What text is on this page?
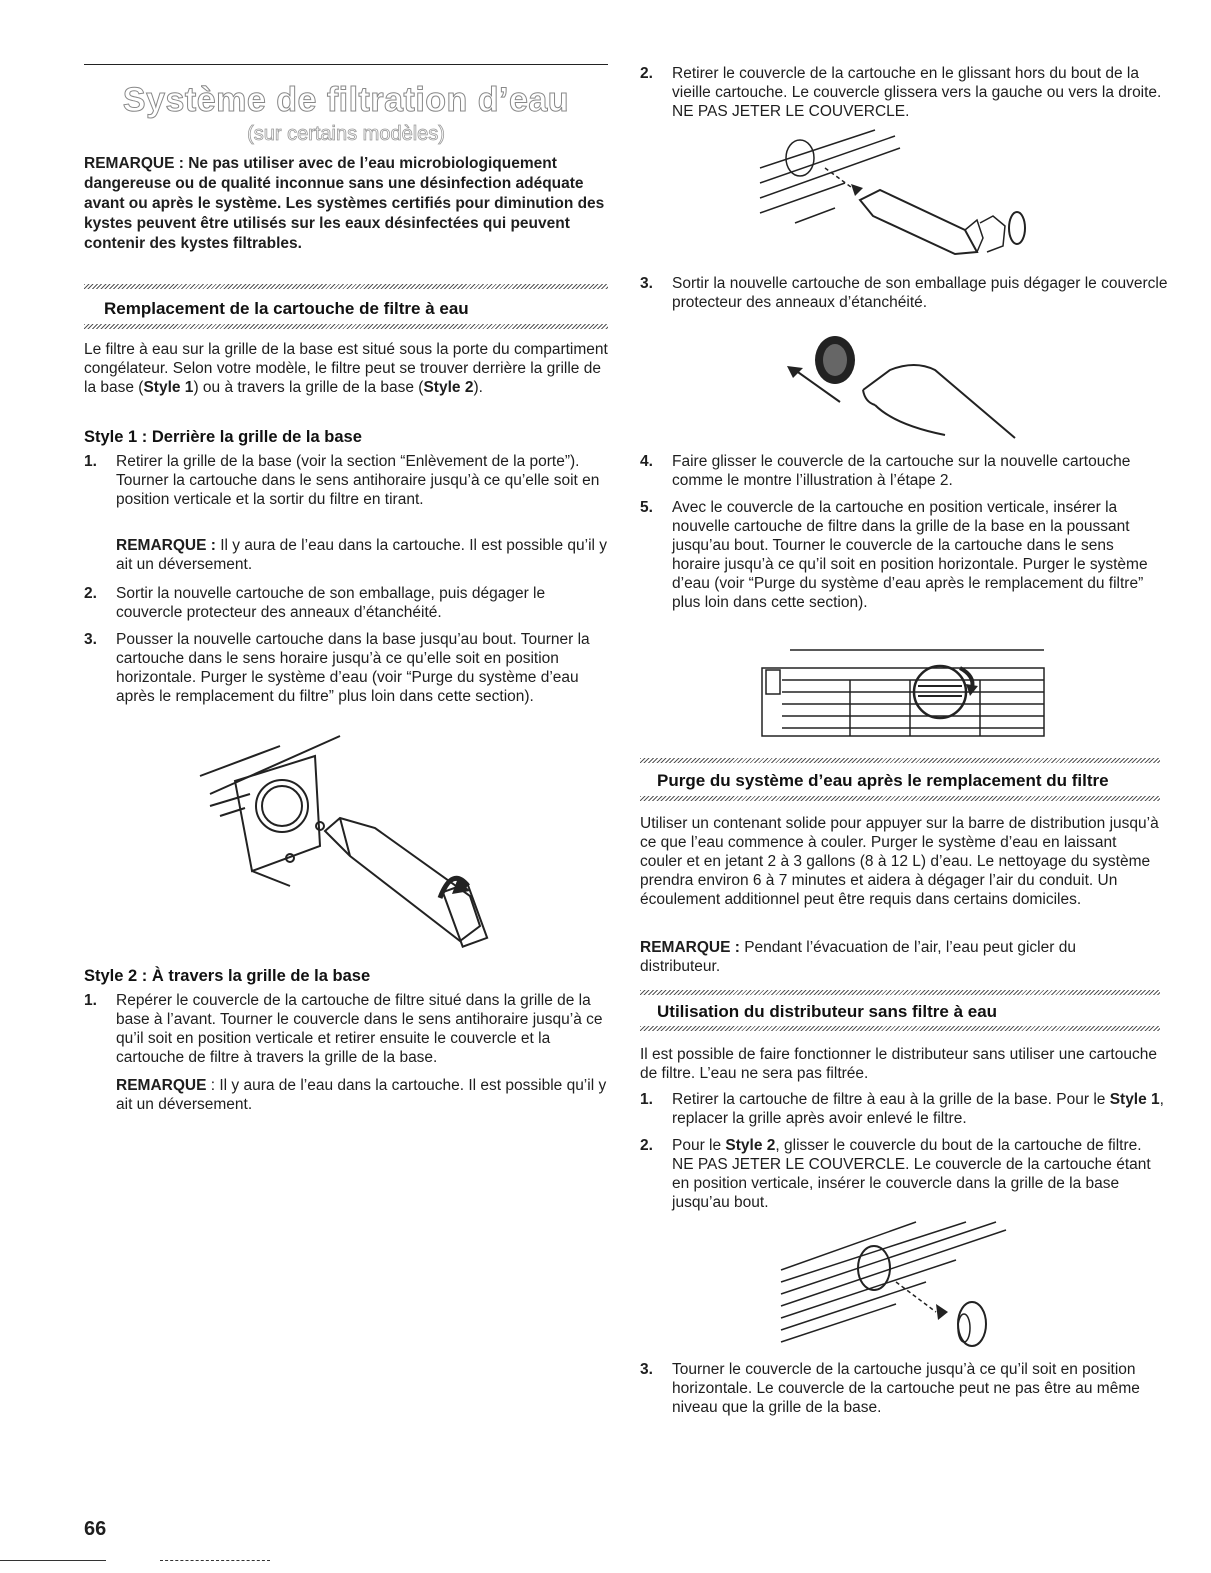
Système de filtration d’eau
(sur certains modèles)
REMARQUE : Ne pas utiliser avec de l’eau microbiologiquement dangereuse ou de qualité inconnue sans une désinfection adéquate avant ou après le système. Les systèmes certifiés pour diminution des kystes peuvent être utilisés sur les eaux désinfectées qui peuvent contenir des kystes filtrables.
Remplacement de la cartouche de filtre à eau
Le filtre à eau sur la grille de la base est situé sous la porte du compartiment congélateur. Selon votre modèle, le filtre peut se trouver derrière la grille de la base (Style 1) ou à travers la grille de la base (Style 2).
Style 1 : Derrière la grille de la base
1. Retirer la grille de la base (voir la section “Enlèvement de la porte”). Tourner la cartouche dans le sens antihoraire jusqu’à ce qu’elle soit en position verticale et la sortir du filtre en tirant.
REMARQUE : Il y aura de l’eau dans la cartouche. Il est possible qu’il y ait un déversement.
2. Sortir la nouvelle cartouche de son emballage, puis dégager le couvercle protecteur des anneaux d’étanchéité.
3. Pousser la nouvelle cartouche dans la base jusqu’au bout. Tourner la cartouche dans le sens horaire jusqu’à ce qu’elle soit en position horizontale. Purger le système d’eau (voir “Purge du système d’eau après le remplacement du filtre” plus loin dans cette section).
Style 2 : À travers la grille de la base
1. Repérer le couvercle de la cartouche de filtre situé dans la grille de la base à l’avant. Tourner le couvercle dans le sens antihoraire jusqu’à ce qu’il soit en position verticale et retirer ensuite le couvercle et la cartouche de filtre à travers la grille de la base.
REMARQUE : Il y aura de l’eau dans la cartouche. Il est possible qu’il y ait un déversement.
66
2. Retirer le couvercle de la cartouche en le glissant hors du bout de la vieille cartouche. Le couvercle glissera vers la gauche ou vers la droite. NE PAS JETER LE COUVERCLE.
3. Sortir la nouvelle cartouche de son emballage puis dégager le couvercle protecteur des anneaux d’étanchéité.
4. Faire glisser le couvercle de la cartouche sur la nouvelle cartouche comme le montre l’illustration à l’étape 2.
5. Avec le couvercle de la cartouche en position verticale, insérer la nouvelle cartouche de filtre dans la grille de la base en la poussant jusqu’au bout. Tourner le couvercle de la cartouche dans le sens horaire jusqu’à ce qu’il soit en position horizontale. Purger le système d’eau (voir “Purge du système d’eau après le remplacement du filtre” plus loin dans cette section).
Purge du système d’eau après le remplacement du filtre
Utiliser un contenant solide pour appuyer sur la barre de distribution jusqu’à ce que l’eau commence à couler. Purger le système d’eau en laissant couler et en jetant 2 à 3 gallons (8 à 12 L) d’eau. Le nettoyage du système prendra environ 6 à 7 minutes et aidera à dégager l’air du conduit. Un écoulement additionnel peut être requis dans certains domiciles.
REMARQUE : Pendant l’évacuation de l’air, l’eau peut gicler du distributeur.
Utilisation du distributeur sans filtre à eau
Il est possible de faire fonctionner le distributeur sans utiliser une cartouche de filtre. L’eau ne sera pas filtrée.
1. Retirer la cartouche de filtre à eau à la grille de la base. Pour le Style 1, replacer la grille après avoir enlevé le filtre.
2. Pour le Style 2, glisser le couvercle du bout de la cartouche de filtre. NE PAS JETER LE COUVERCLE. Le couvercle de la cartouche étant en position verticale, insérer le couvercle dans la grille de la base jusqu’au bout.
3. Tourner le couvercle de la cartouche jusqu’à ce qu’il soit en position horizontale. Le couvercle de la cartouche peut ne pas être au même niveau que la grille de la base.
